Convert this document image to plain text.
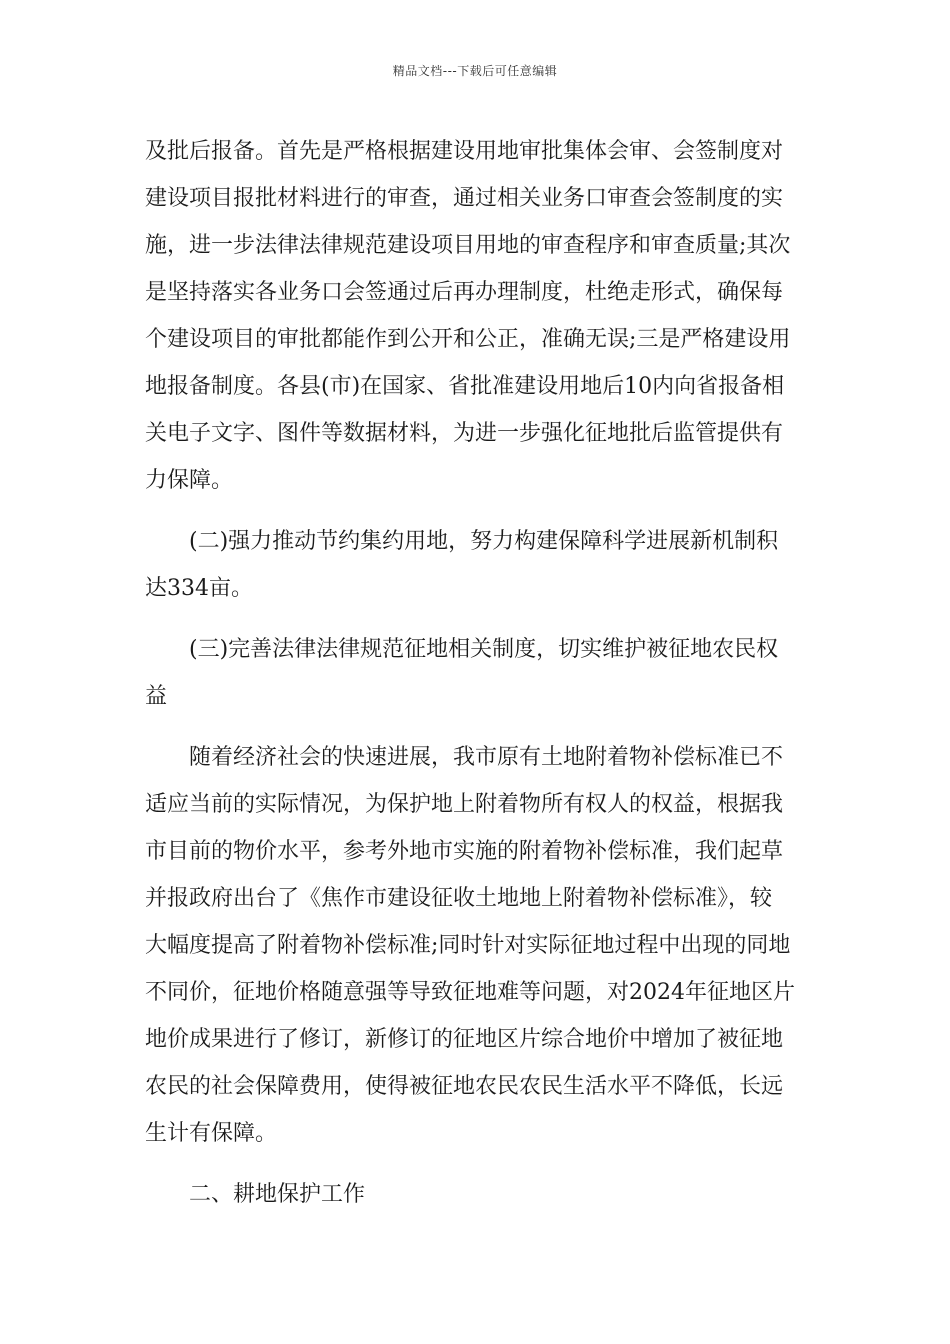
精品文档---下载后可任意编辑
及批后报备。首先是严格根据建设用地审批集体会审、会签制度对
建设项目报批材料进行的审查，通过相关业务口审查会签制度的实
施，进一步法律法律规范建设项目用地的审查程序和审查质量;其次
是坚持落实各业务口会签通过后再办理制度，杜绝走形式，确保每
个建设项目的审批都能作到公开和公正，准确无误;三是严格建设用
地报备制度。各县(市)在国家、省批准建设用地后10内向省报备相
关电子文字、图件等数据材料，为进一步强化征地批后监管提供有
力保障。
(二)强力推动节约集约用地，努力构建保障科学进展新机制积
达334亩。
(三)完善法律法律规范征地相关制度，切实维护被征地农民权
益
随着经济社会的快速进展，我市原有土地附着物补偿标准已不
适应当前的实际情况，为保护地上附着物所有权人的权益，根据我
市目前的物价水平，参考外地市实施的附着物补偿标准，我们起草
并报政府出台了《焦作市建设征收土地地上附着物补偿标准》，较
大幅度提高了附着物补偿标准;同时针对实际征地过程中出现的同地
不同价，征地价格随意强等导致征地难等问题，对2024年征地区片
地价成果进行了修订，新修订的征地区片综合地价中增加了被征地
农民的社会保障费用，使得被征地农民农民生活水平不降低，长远
生计有保障。
二、耕地保护工作
